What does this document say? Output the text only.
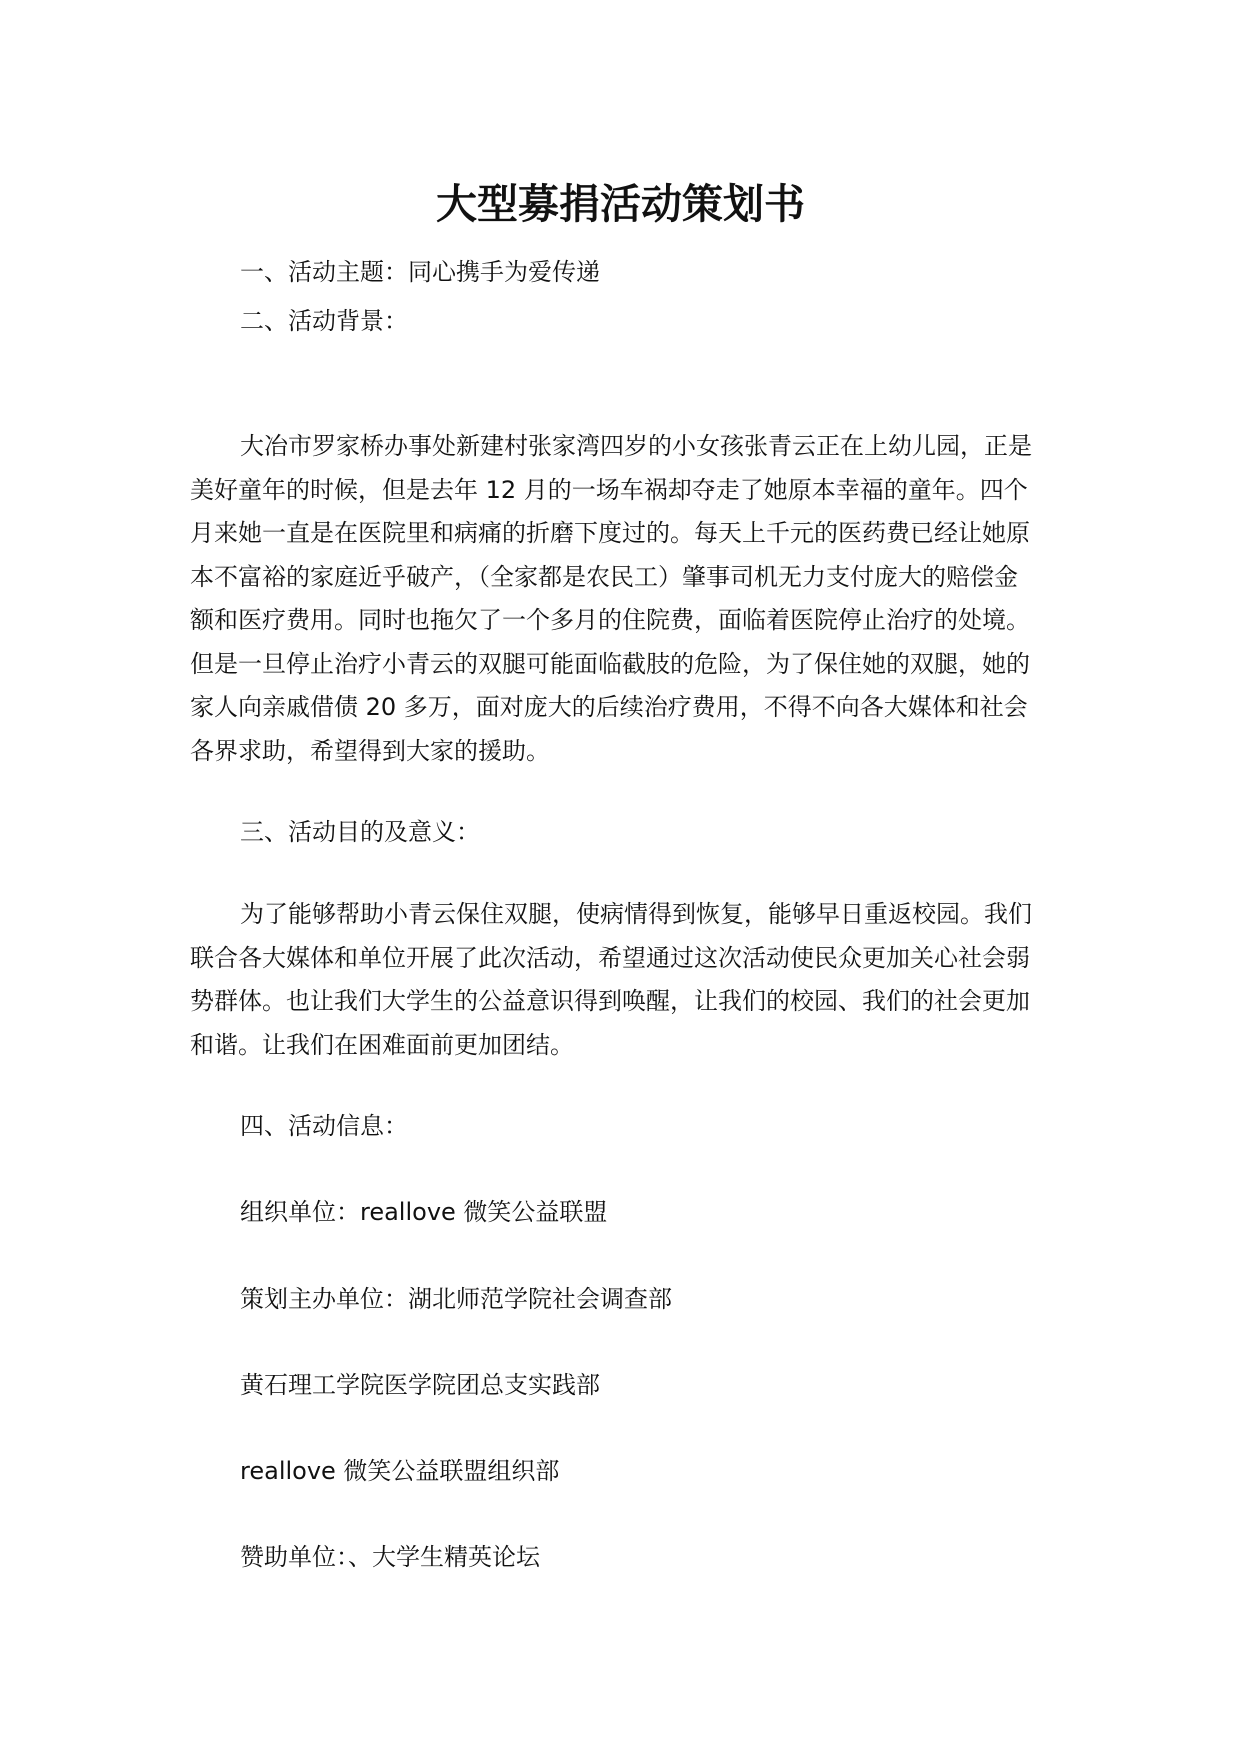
大型募捐活动策划书

一、活动主题：同心携手为爱传递

二、活动背景：

大冶市罗家桥办事处新建村张家湾四岁的小女孩张青云正在上幼儿园，正是
美好童年的时候，但是去年 12 月的一场车祸却夺走了她原本幸福的童年。四个
月来她一直是在医院里和病痛的折磨下度过的。每天上千元的医药费已经让她原
本不富裕的家庭近乎破产，（全家都是农民工）肇事司机无力支付庞大的赔偿金
额和医疗费用。同时也拖欠了一个多月的住院费，面临着医院停止治疗的处境。
但是一旦停止治疗小青云的双腿可能面临截肢的危险，为了保住她的双腿，她的
家人向亲戚借债 20 多万，面对庞大的后续治疗费用，不得不向各大媒体和社会
各界求助，希望得到大家的援助。

三、活动目的及意义：

为了能够帮助小青云保住双腿，使病情得到恢复，能够早日重返校园。我们
联合各大媒体和单位开展了此次活动，希望通过这次活动使民众更加关心社会弱
势群体。也让我们大学生的公益意识得到唤醒，让我们的校园、我们的社会更加
和谐。让我们在困难面前更加团结。

四、活动信息：

组织单位：reallove 微笑公益联盟

策划主办单位：湖北师范学院社会调查部

黄石理工学院医学院团总支实践部

reallove 微笑公益联盟组织部

赞助单位：、大学生精英论坛
